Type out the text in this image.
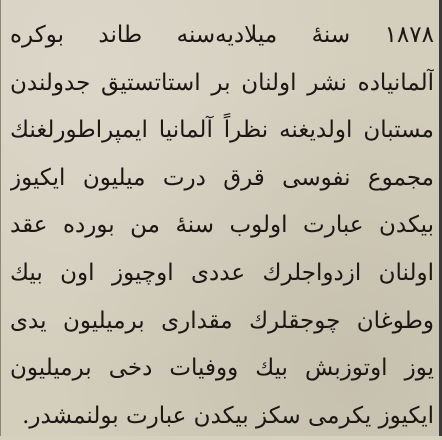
۱۸۷۸ سنهٔ میلادیه‌سنه طاند بوکره
آلمانیاده نشر اولنان بر استاتستیق جدولندن
مستبان اولدیغنه نظراً آلمانیا ایمپراطورلغنك
مجموع نفوسی قرق درت میلیون ایکیوز
بیکدن عبارت اولوب سنهٔ من بورده عقد
اولنان ازدواجلرك عددی اوچیوز اون بیك
وطوغان چوجقلرك مقداری برمیلیون یدی
یوز اوتوزبش بیك ووفیات دخی برمیلیون
ایکیوز یکرمی سکز بیکدن عبارت بولنمشدر.
